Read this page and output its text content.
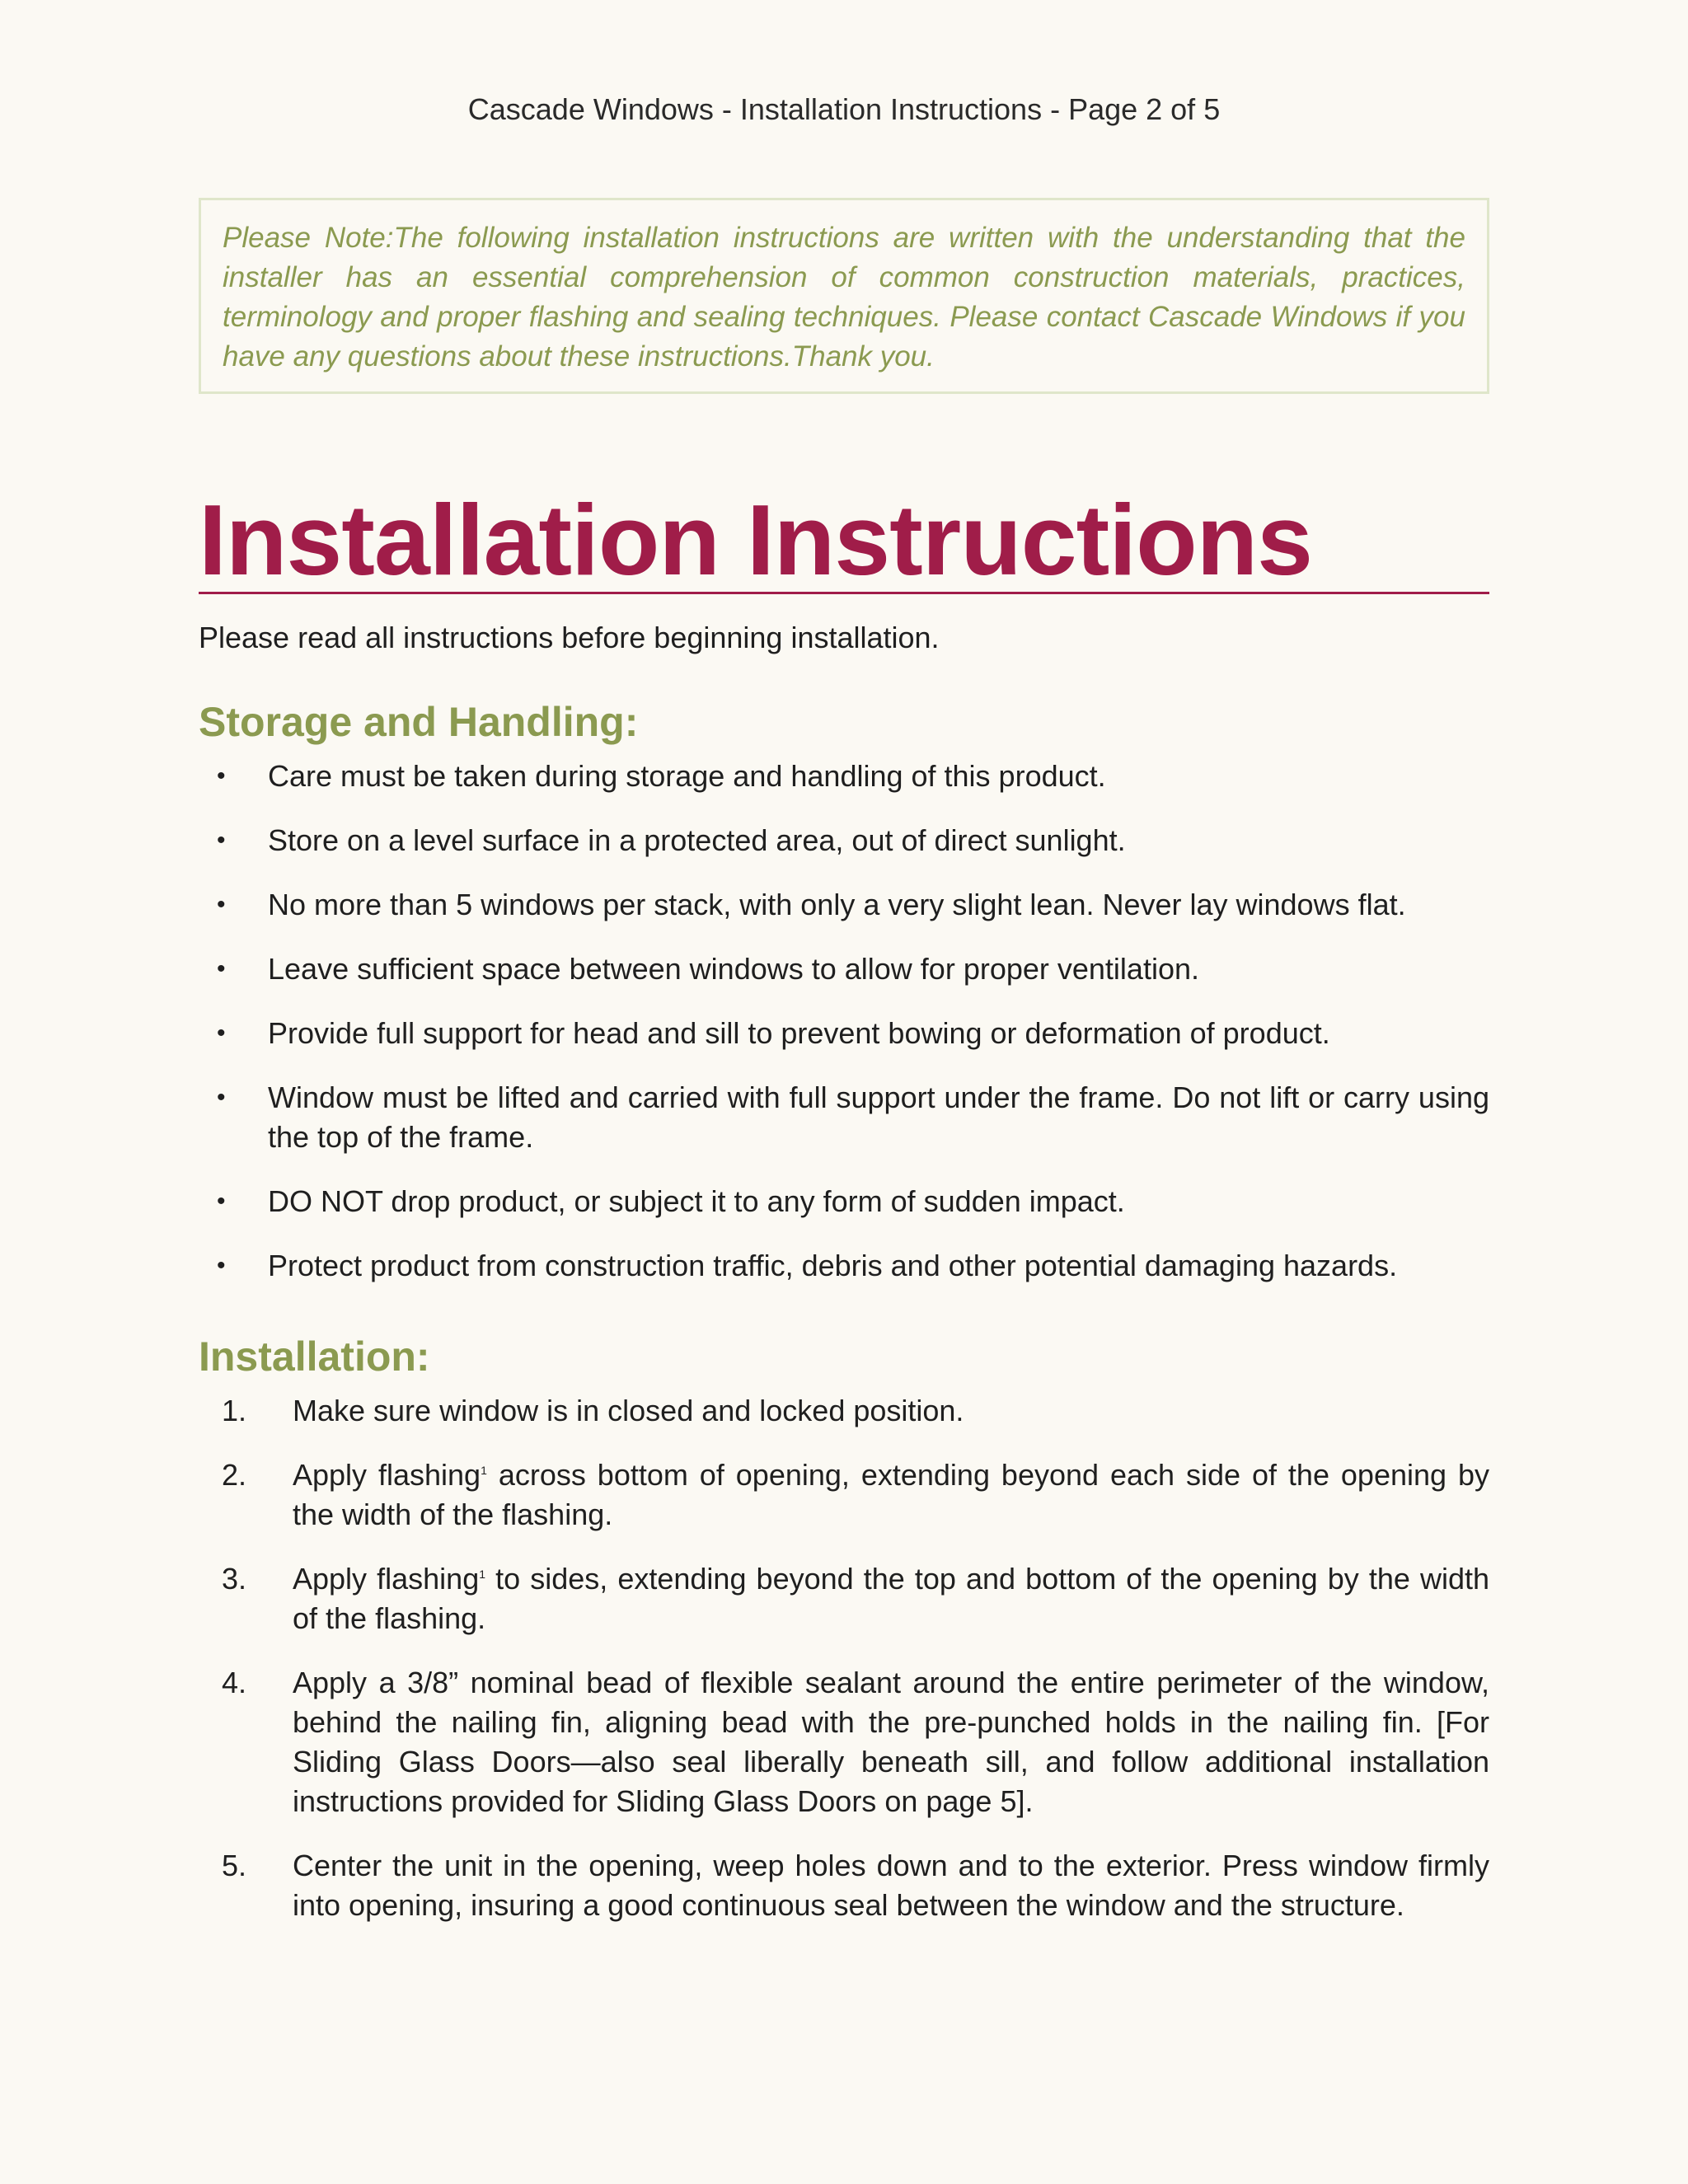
Cascade Windows - Installation Instructions - Page 2 of 5
Please Note:The following installation instructions are written with the understanding that the installer has an essential comprehension of common construction materials, practices, terminology and proper flashing and sealing techniques. Please contact Cascade Windows if you have any questions about these instructions.Thank you.
Installation Instructions
Please read all instructions before beginning installation.
Storage and Handling:
• Care must be taken during storage and handling of this product.
• Store on a level surface in a protected area, out of direct sunlight.
• No more than 5 windows per stack, with only a very slight lean. Never lay windows flat.
• Leave sufficient space between windows to allow for proper ventilation.
• Provide full support for head and sill to prevent bowing or deformation of product.
• Window must be lifted and carried with full support under the frame. Do not lift or carry using the top of the frame.
• DO NOT drop product, or subject it to any form of sudden impact.
• Protect product from construction traffic, debris and other potential damaging hazards.
Installation:
1. Make sure window is in closed and locked position.
2. Apply flashing$^1$ across bottom of opening, extending beyond each side of the opening by the width of the flashing.
3. Apply flashing$^1$ to sides, extending beyond the top and bottom of the opening by the width of the flashing.
4. Apply a 3/8” nominal bead of flexible sealant around the entire perimeter of the window, behind the nailing fin, aligning bead with the pre-punched holds in the nailing fin. [For Sliding Glass Doors—also seal liberally beneath sill, and follow additional installation instructions provided for Sliding Glass Doors on page 5].
5. Center the unit in the opening, weep holes down and to the exterior. Press window firmly into opening, insuring a good continuous seal between the window and the structure.
